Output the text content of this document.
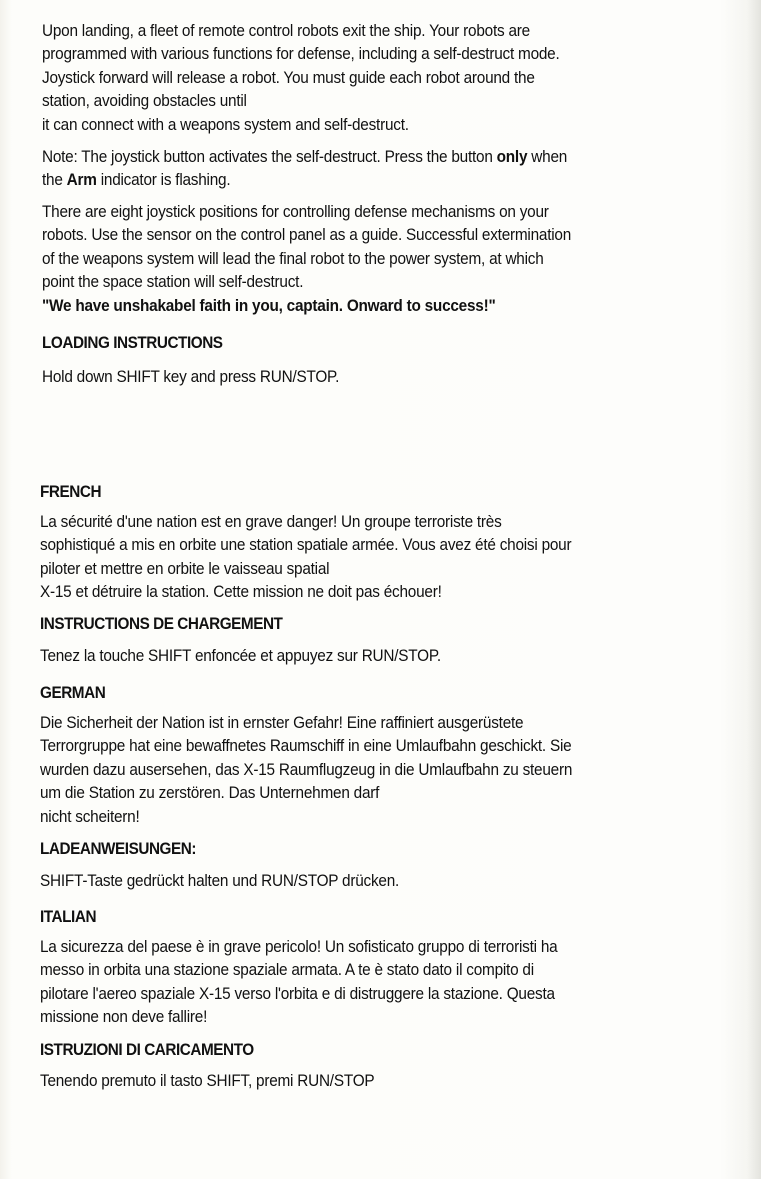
Upon landing, a fleet of remote control robots exit the ship. Your robots are
programmed with various functions for defense, including a self-destruct mode.
Joystick forward will release a robot. You must guide each robot around the
station, avoiding obstacles until
it can connect with a weapons system and self-destruct.

Note: The joystick button activates the self-destruct. Press the button only when
the Arm indicator is flashing.

There are eight joystick positions for controlling defense mechanisms on your
robots. Use the sensor on the control panel as a guide. Successful extermination
of the weapons system will lead the final robot to the power system, at which
point the space station will self-destruct.
"We have unshakabel faith in you, captain. Onward to success!"

LOADING INSTRUCTIONS

Hold down SHIFT key and press RUN/STOP.

FRENCH

La sécurité d'une nation est en grave danger! Un groupe terroriste très
sophistiqué a mis en orbite une station spatiale armée. Vous avez été choisi pour
piloter et mettre en orbite le vaisseau spatial
X-15 et détruire la station. Cette mission ne doit pas échouer!

INSTRUCTIONS DE CHARGEMENT

Tenez la touche SHIFT enfoncée et appuyez sur RUN/STOP.

GERMAN

Die Sicherheit der Nation ist in ernster Gefahr! Eine raffiniert ausgerüstete
Terrorgruppe hat eine bewaffnetes Raumschiff in eine Umlaufbahn geschickt. Sie
wurden dazu ausersehen, das X-15 Raumflugzeug in die Umlaufbahn zu steuern
um die Station zu zerstören. Das Unternehmen darf
nicht scheitern!

LADEANWEISUNGEN:

SHIFT-Taste gedrückt halten und RUN/STOP drücken.

ITALIAN

La sicurezza del paese è in grave pericolo! Un sofisticato gruppo di terroristi ha
messo in orbita una stazione spaziale armata. A te è stato dato il compito di
pilotare l'aereo spaziale X-15 verso l'orbita e di distruggere la stazione. Questa
missione non deve fallire!

ISTRUZIONI DI CARICAMENTO

Tenendo premuto il tasto SHIFT, premi RUN/STOP
